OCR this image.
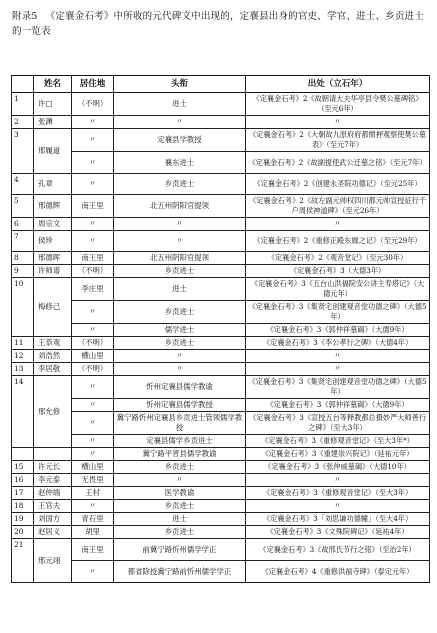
附录5 《定襄金石考》中所收的元代碑文中出现的，定襄县出身的官吏、学官、进士、乡贡进士的一览表
	姓名	居住地	头衔	出处（立石年）
1	许□	（不明）	进士	《定襄金石考》2《故朝请大夫华亭县令樊公墓碑铭》（至元6年）
2	张渊	〃	〃	〃
3	邢履道	〃	定襄县学教授	《定襄金石考》2《大朝故九原府府都惯押观察使樊公墓表》（至元7年）
		〃	襄东进士	《定襄金石考》2《故副提使武公迁墓之铭》（至元7年）
4	孔章	〃	乡贡进士	《定襄金石考》2《创建永圣院功德记》（至元25年）
5	邢德辉	南王里	北五州阴阳官提领	《定襄金石考》2《故左副元帅权四川都元帅宣授征行千户周侯神道碑》（至元26年）
6	周宗文	〃	〃	〃
7	侯珍	〃	〃	《定襄金石考》2《重修正殿东廊之记》（至元29年）
8	邢德晖	南王里	北五州阴阳官提领	《定襄金石考》2《观音堂记》（至元30年）
9	许师谱	（不明）	乡贡进士	《定襄金石考》3（大德3年）
10	梅修己	李庄里	进士	《定襄金石考》3《五台山洪福院安公讲主寿塔记》（大德元年）
		〃	乡贡进士	《定襄金石考》3《集贤宅创建观音堂功德之碑》（大德5年）
		〃	儒学进士	《定襄金石考》3《郭仲祥墓碣》（大德9年）
11	王恭观	（不明）	乡贡进士	《定襄金石考》3《李公孝行之碑》（大德4年）
12	刘浩然	横山里	〃	〃
13	李居敬	（不明）	〃	〃
14	邢允修	〃	忻州定襄县儒学教谕	《定襄金石考》3《集贤宅创建观音堂功德之碑》（大德5年）
		〃	忻州定襄县儒学教授	《定襄金石考》3《郭仲祥墓碣》（大德9年）
		〃	冀宁路忻州定襄县乡贡进士管领儒学教授	《定襄金石考》3《宣授五台等释教都总摄妙严大师善行之碑》（至大3年）
		〃	定襄县儒学乡贡进士	《定襄金石考》3《重修观音堂记》（至大3年*）
		〃	冀宁路平晋县儒学教谕	《定襄金石考》3《重建崇兴院记》（延祐元年）
15	许元长	横山里	乡贡进士	《定襄金石考》3《张仲威墓碣》（大德10年）
16	李元泰	无畏里	〃	〃
17	赵仲端	王村	医学教谕	《定襄金石考》3《重修观音堂记》（至大3年）
18	王官夫	〃	乡贡进士	〃
19	刘国方	青石里	进士	《定襄金石考》3「刘思谦功德幢」（至大4年）
20	赵居义	胡里	乡贡进士	《定襄金石考》3《文殊院碑记》（延祐4年）
21	邢元翊	南王里	前冀宁路忻州儒学学正	《定襄金石考》3《故邢氏节行之铭》（至治2年）
		〃	都省除授冀宁路前忻州儒学学正	《定襄金石考》4《重修洪福寺碑》（泰定元年）
